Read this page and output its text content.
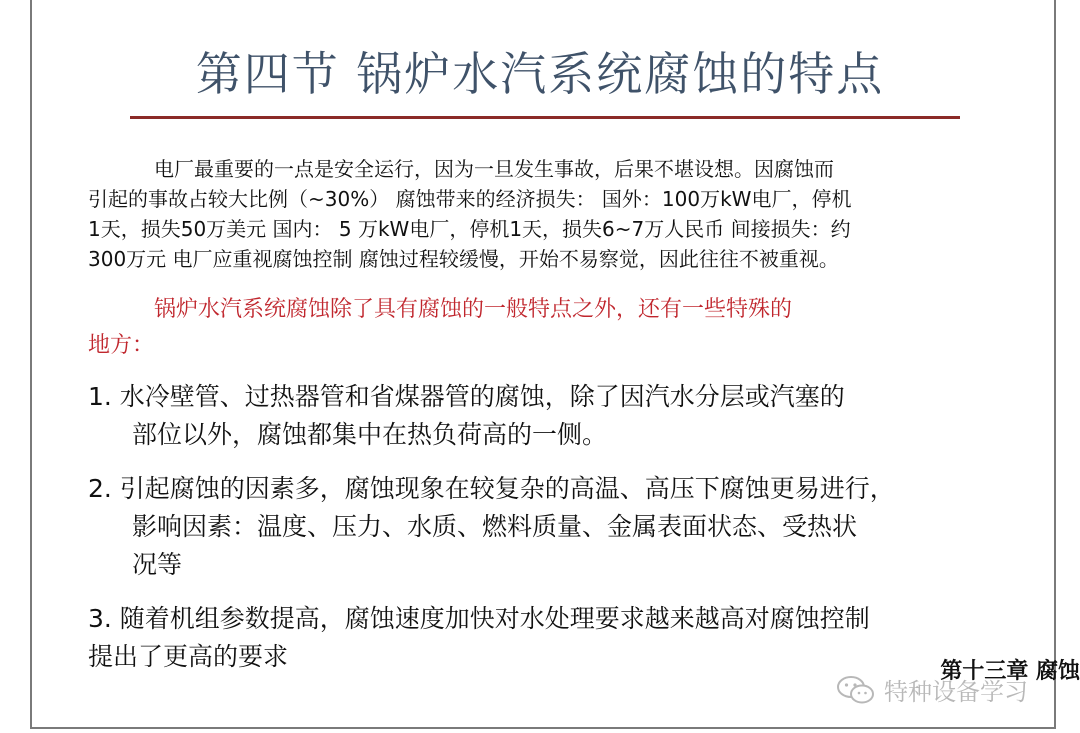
第四节 锅炉水汽系统腐蚀的特点

电厂最重要的一点是安全运行，因为一旦发生事故，后果不堪设想。因腐蚀而
引起的事故占较大比例（~30%） 腐蚀带来的经济损失： 国外：100万kW电厂，停机
1天，损失50万美元 国内： 5 万kW电厂，停机1天，损失6~7万人民币 间接损失：约
300万元 电厂应重视腐蚀控制 腐蚀过程较缓慢，开始不易察觉，因此往往不被重视。

锅炉水汽系统腐蚀除了具有腐蚀的一般特点之外，还有一些特殊的
地方：

1. 水冷壁管、过热器管和省煤器管的腐蚀，除了因汽水分层或汽塞的
部位以外，腐蚀都集中在热负荷高的一侧。
2. 引起腐蚀的因素多，腐蚀现象在较复杂的高温、高压下腐蚀更易进行，
影响因素：温度、压力、水质、燃料质量、金属表面状态、受热状
况等
3. 随着机组参数提高，腐蚀速度加快对水处理要求越来越高对腐蚀控制
提出了更高的要求
第十三章 腐蚀
特种设备学习
